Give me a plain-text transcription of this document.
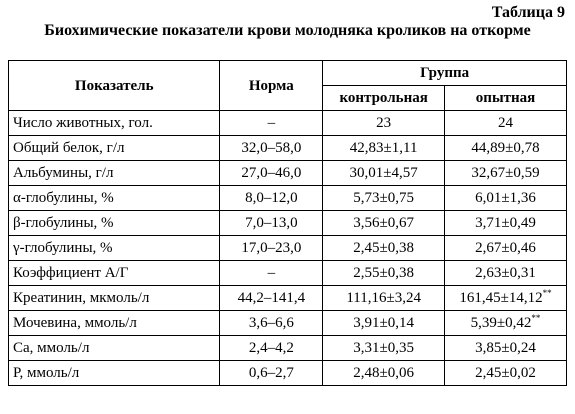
Таблица 9
Биохимические показатели крови молодняка кроликов на откорме
Показатель	Норма	Группа	
		контрольная	опытная
Число животных, гол.	–	23	24
Общий белок, г/л	32,0–58,0	42,83±1,11	44,89±0,78
Альбумины, г/л	27,0–46,0	30,01±4,57	32,67±0,59
α-глобулины, %	8,0–12,0	5,73±0,75	6,01±1,36
β-глобулины, %	7,0–13,0	3,56±0,67	3,71±0,49
γ-глобулины, %	17,0–23,0	2,45±0,38	2,67±0,46
Коэффициент А/Г	–	2,55±0,38	2,63±0,31
Креатинин, мкмоль/л	44,2–141,4	111,16±3,24	161,45±14,12**
Мочевина, ммоль/л	3,6–6,6	3,91±0,14	5,39±0,42**
Са, ммоль/л	2,4–4,2	3,31±0,35	3,85±0,24
Р, ммоль/л	0,6–2,7	2,48±0,06	2,45±0,02
